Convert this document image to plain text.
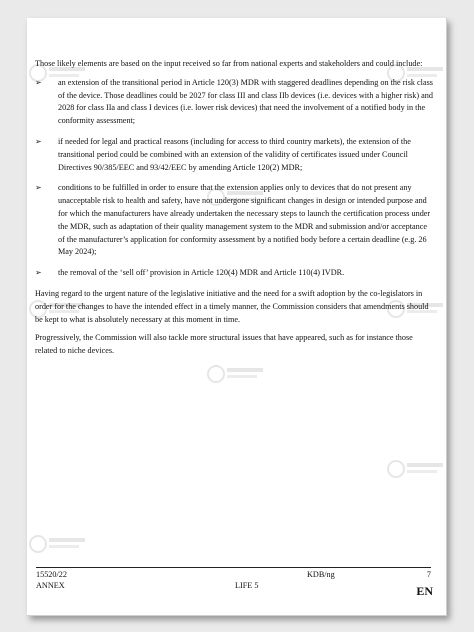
Those likely elements are based on the input received so far from national experts and stakeholders and could include:

➢ an extension of the transitional period in Article 120(3) MDR with staggered deadlines depending on the risk class of the device. Those deadlines could be 2027 for class III and class IIb devices (i.e. devices with a higher risk) and 2028 for class IIa and class I devices (i.e. lower risk devices) that need the involvement of a notified body in the conformity assessment;
➢ if needed for legal and practical reasons (including for access to third country markets), the extension of the transitional period could be combined with an extension of the validity of certificates issued under Council Directives 90/385/EEC and 93/42/EEC by amending Article 120(2) MDR;
➢ conditions to be fulfilled in order to ensure that the extension applies only to devices that do not present any unacceptable risk to health and safety, have not undergone significant changes in design or intended purpose and for which the manufacturers have already undertaken the necessary steps to launch the certification process under the MDR, such as adaptation of their quality management system to the MDR and submission and/or acceptance of the manufacturer’s application for conformity assessment by a notified body before a certain deadline (e.g. 26 May 2024);
➢ the removal of the ‘sell off’ provision in Article 120(4) MDR and Article 110(4) IVDR.

Having regard to the urgent nature of the legislative initiative and the need for a swift adoption by the co-legislators in order for the changes to have the intended effect in a timely manner, the Commission considers that amendments should be kept to what is absolutely necessary at this moment in time.

Progressively, the Commission will also tackle more structural issues that have appeared, such as for instance those related to niche devices.

15520/22	KDB/ng	7
ANNEX	LIFE 5	EN
